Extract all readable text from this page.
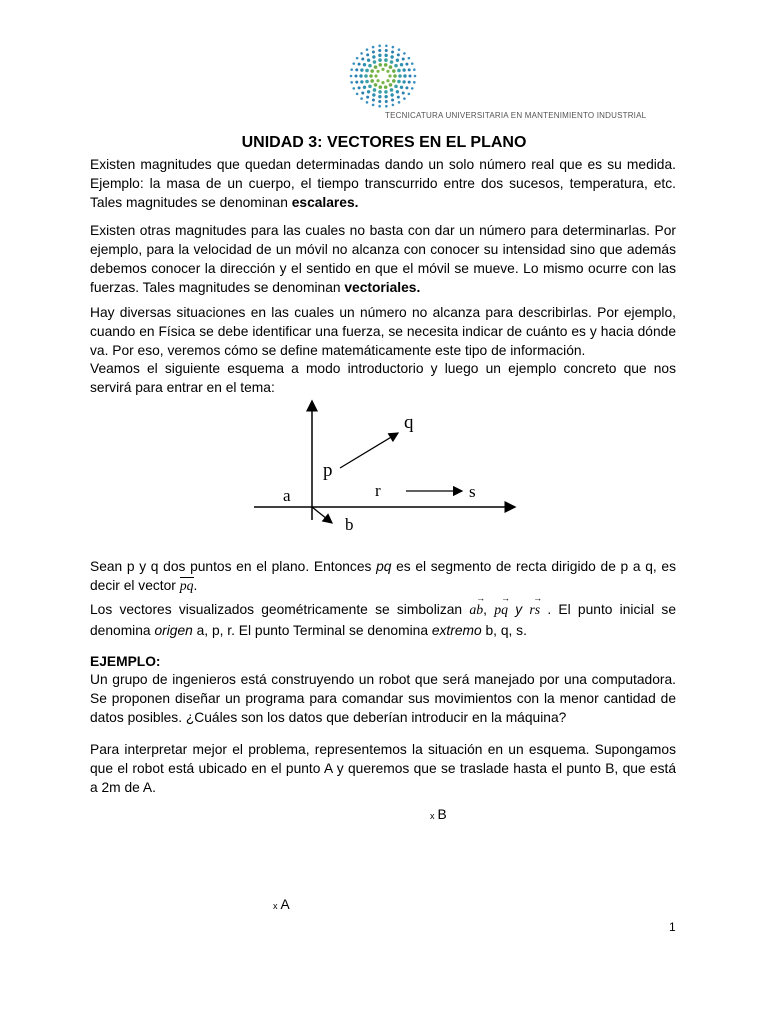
TECNICATURA UNIVERSITARIA EN MANTENIMIENTO INDUSTRIAL
UNIDAD 3: VECTORES EN EL PLANO
Existen magnitudes que quedan determinadas dando un solo número real que es su medida. Ejemplo: la masa de un cuerpo, el tiempo transcurrido entre dos sucesos, temperatura, etc. Tales magnitudes se denominan escalares.
Existen otras magnitudes para las cuales no basta con dar un número para determinarlas. Por ejemplo, para la velocidad de un móvil no alcanza con conocer su intensidad sino que además debemos conocer la dirección y el sentido en que el móvil se mueve. Lo mismo ocurre con las fuerzas. Tales magnitudes se denominan vectoriales.
Hay diversas situaciones en las cuales un número no alcanza para describirlas. Por ejemplo, cuando en Física se debe identificar una fuerza, se necesita indicar de cuánto es y hacia dónde va. Por eso, veremos cómo se define matemáticamente este tipo de información.
Veamos el siguiente esquema a modo introductorio y luego un ejemplo concreto que nos servirá para entrar en el tema:
a
b
p
q
r	s
Sean p y q dos puntos en el plano. Entonces pq es el segmento de recta dirigido de p a q, es decir el vector pq.
Los vectores visualizados geométricamente se simbolizan ab
→
, pq
→
y rs
→
. El punto inicial se denomina origen a, p, r. El punto Terminal se denomina extremo b, q, s.
EJEMPLO:
Un grupo de ingenieros está construyendo un robot que será manejado por una computadora. Se proponen diseñar un programa para comandar sus movimientos con la menor cantidad de datos posibles. ¿Cuáles son los datos que deberían introducir en la máquina?
Para interpretar mejor el problema, representemos la situación en un esquema. Supongamos que el robot está ubicado en el punto A y queremos que se traslade hasta el punto B, que está a 2m de A.
x B
x A
1
